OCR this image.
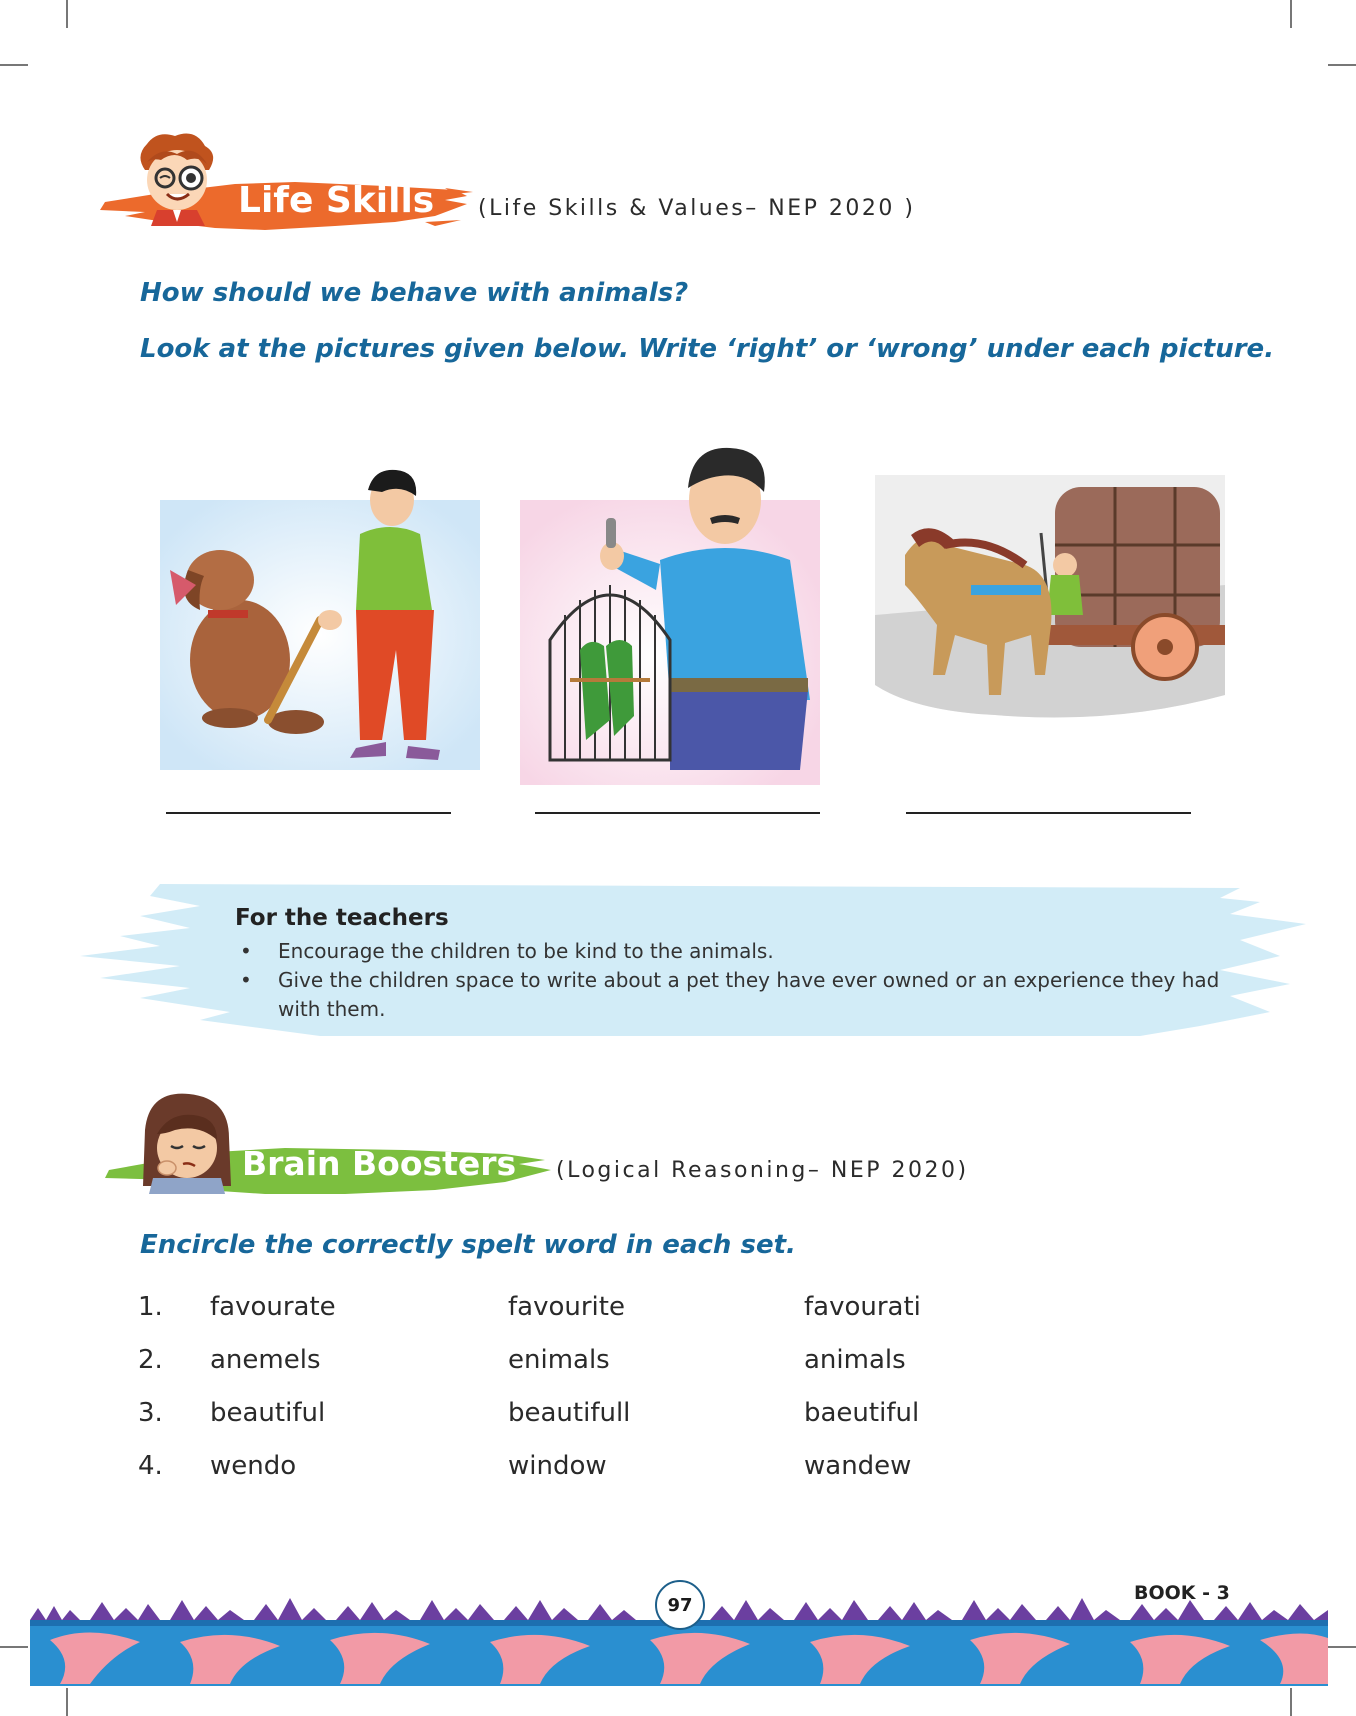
Life Skills (Life Skills & Values– NEP 2020 )
How should we behave with animals?
Look at the pictures given below. Write ‘right’ or ‘wrong’ under each picture.
For the teachers
• Encourage the children to be kind to the animals.
• Give the children space to write about a pet they have ever owned or an experience they had with them.
Brain Boosters (Logical Reasoning– NEP 2020)
Encircle the correctly spelt word in each set.
1. favourate	favourite	favourati
2. anemels	enimals	animals
3. beautiful	beautifull	baeutiful
4. wendo	window	wandew
97
BOOK - 3
